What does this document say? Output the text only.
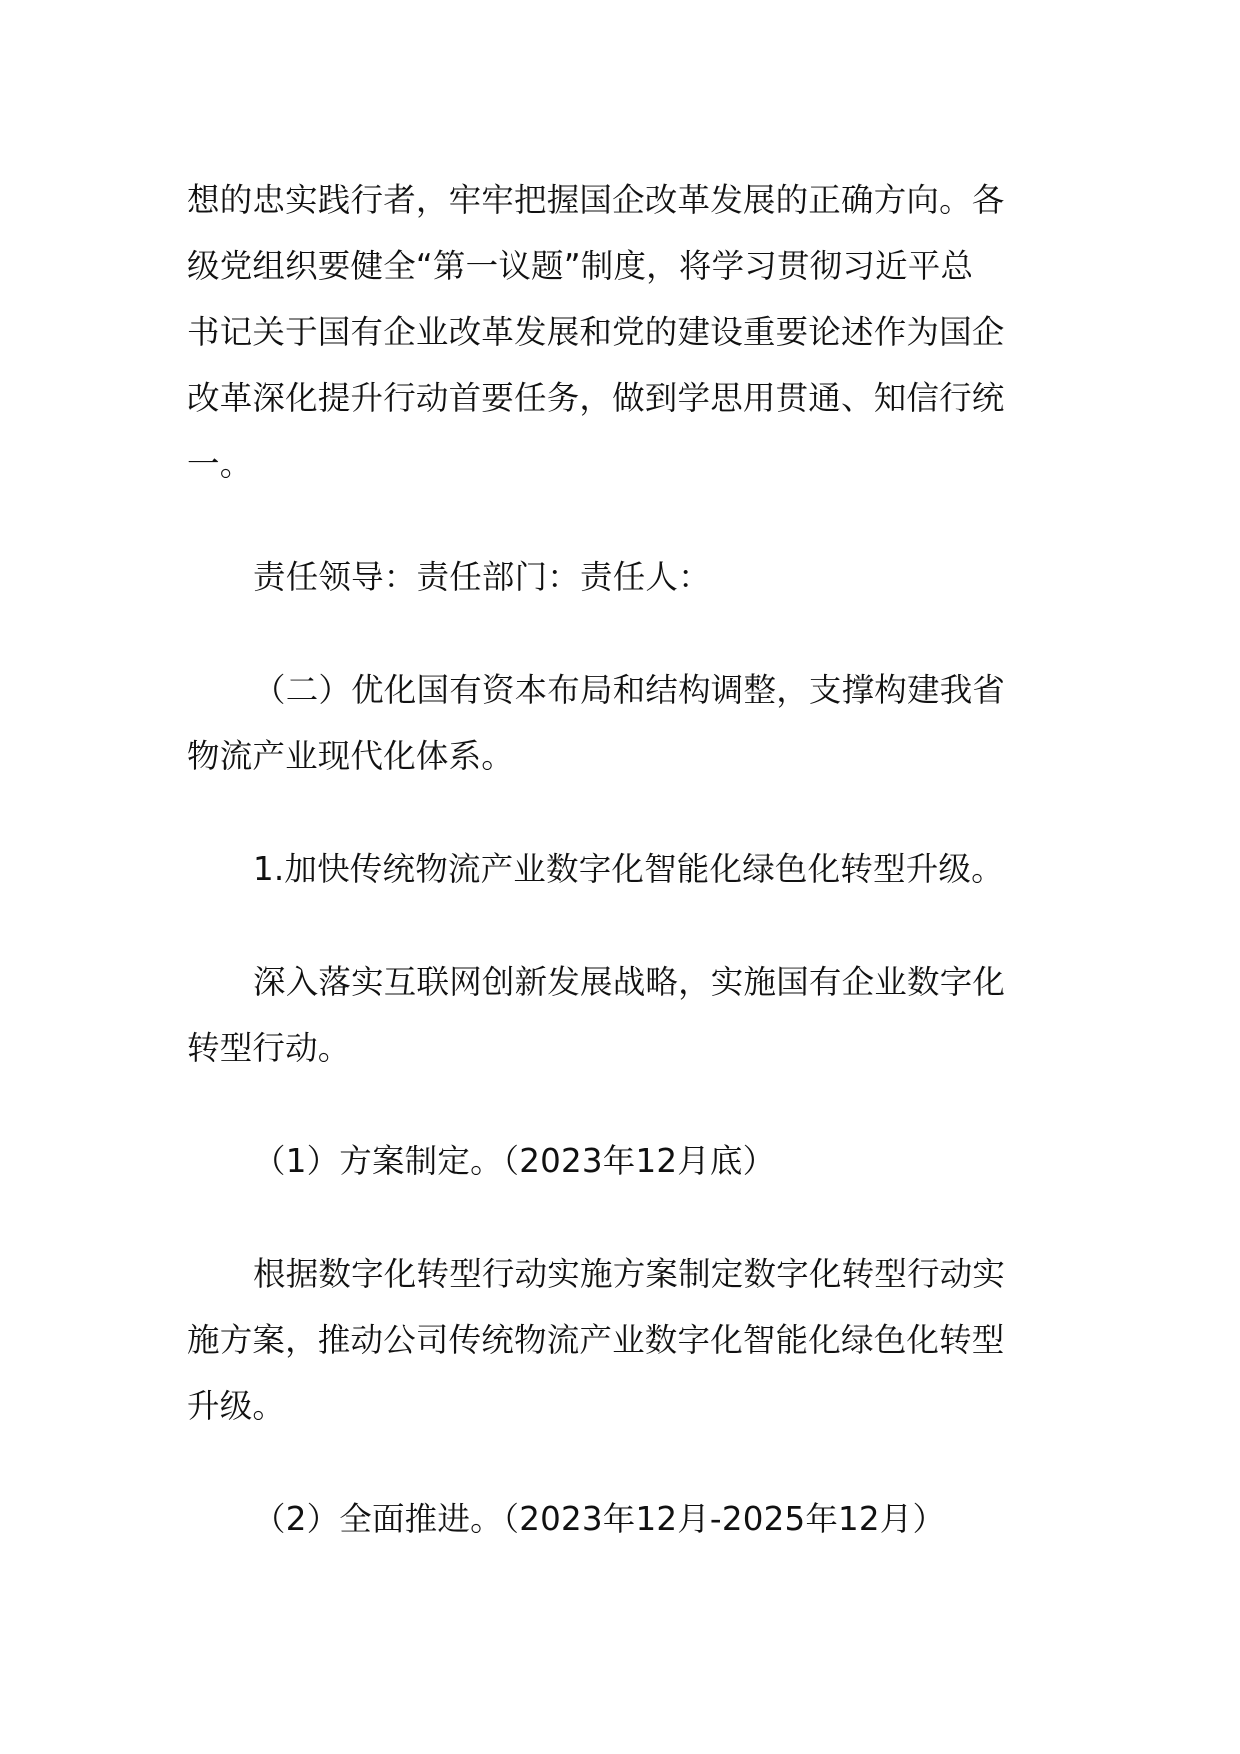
想的忠实践行者，牢牢把握国企改革发展的正确方向。各
级党组织要健全“第一议题”制度，将学习贯彻习近平总
书记关于国有企业改革发展和党的建设重要论述作为国企
改革深化提升行动首要任务，做到学思用贯通、知信行统
一。
责任领导：责任部门：责任人：
（二）优化国有资本布局和结构调整，支撑构建我省
物流产业现代化体系。
1.加快传统物流产业数字化智能化绿色化转型升级。
深入落实互联网创新发展战略，实施国有企业数字化
转型行动。
（1）方案制定。（2023年12月底）
根据数字化转型行动实施方案制定数字化转型行动实
施方案，推动公司传统物流产业数字化智能化绿色化转型
升级。
（2）全面推进。（2023年12月-2025年12月）
